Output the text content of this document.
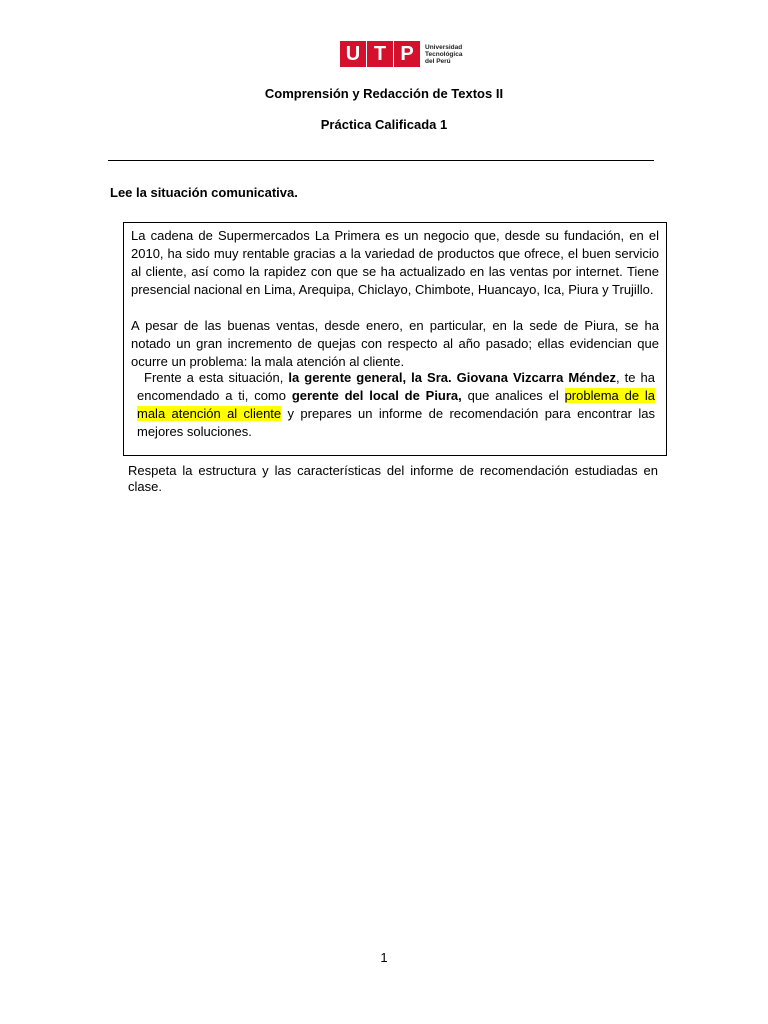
U T P	Universidad
Tecnológica
del Perú
Comprensión y Redacción de Textos II
Práctica Calificada 1
Lee la situación comunicativa.
La cadena de Supermercados La Primera es un negocio que, desde su fundación, en el 2010, ha sido muy rentable gracias a la variedad de productos que ofrece, el buen servicio al cliente, así como la rapidez con que se ha actualizado en las ventas por internet. Tiene presencial nacional en Lima, Arequipa, Chiclayo, Chimbote, Huancayo, Ica, Piura y Trujillo.
A pesar de las buenas ventas, desde enero, en particular, en la sede de Piura, se ha notado un gran incremento de quejas con respecto al año pasado; ellas evidencian que ocurre un problema: la mala atención al cliente.
Frente a esta situación, la gerente general, la Sra. Giovana Vizcarra Méndez, te ha encomendado a ti, como gerente del local de Piura, que analices el problema de la mala atención al cliente y prepares un informe de recomendación para encontrar las mejores soluciones.
Respeta la estructura y las características del informe de recomendación estudiadas en clase.
1
